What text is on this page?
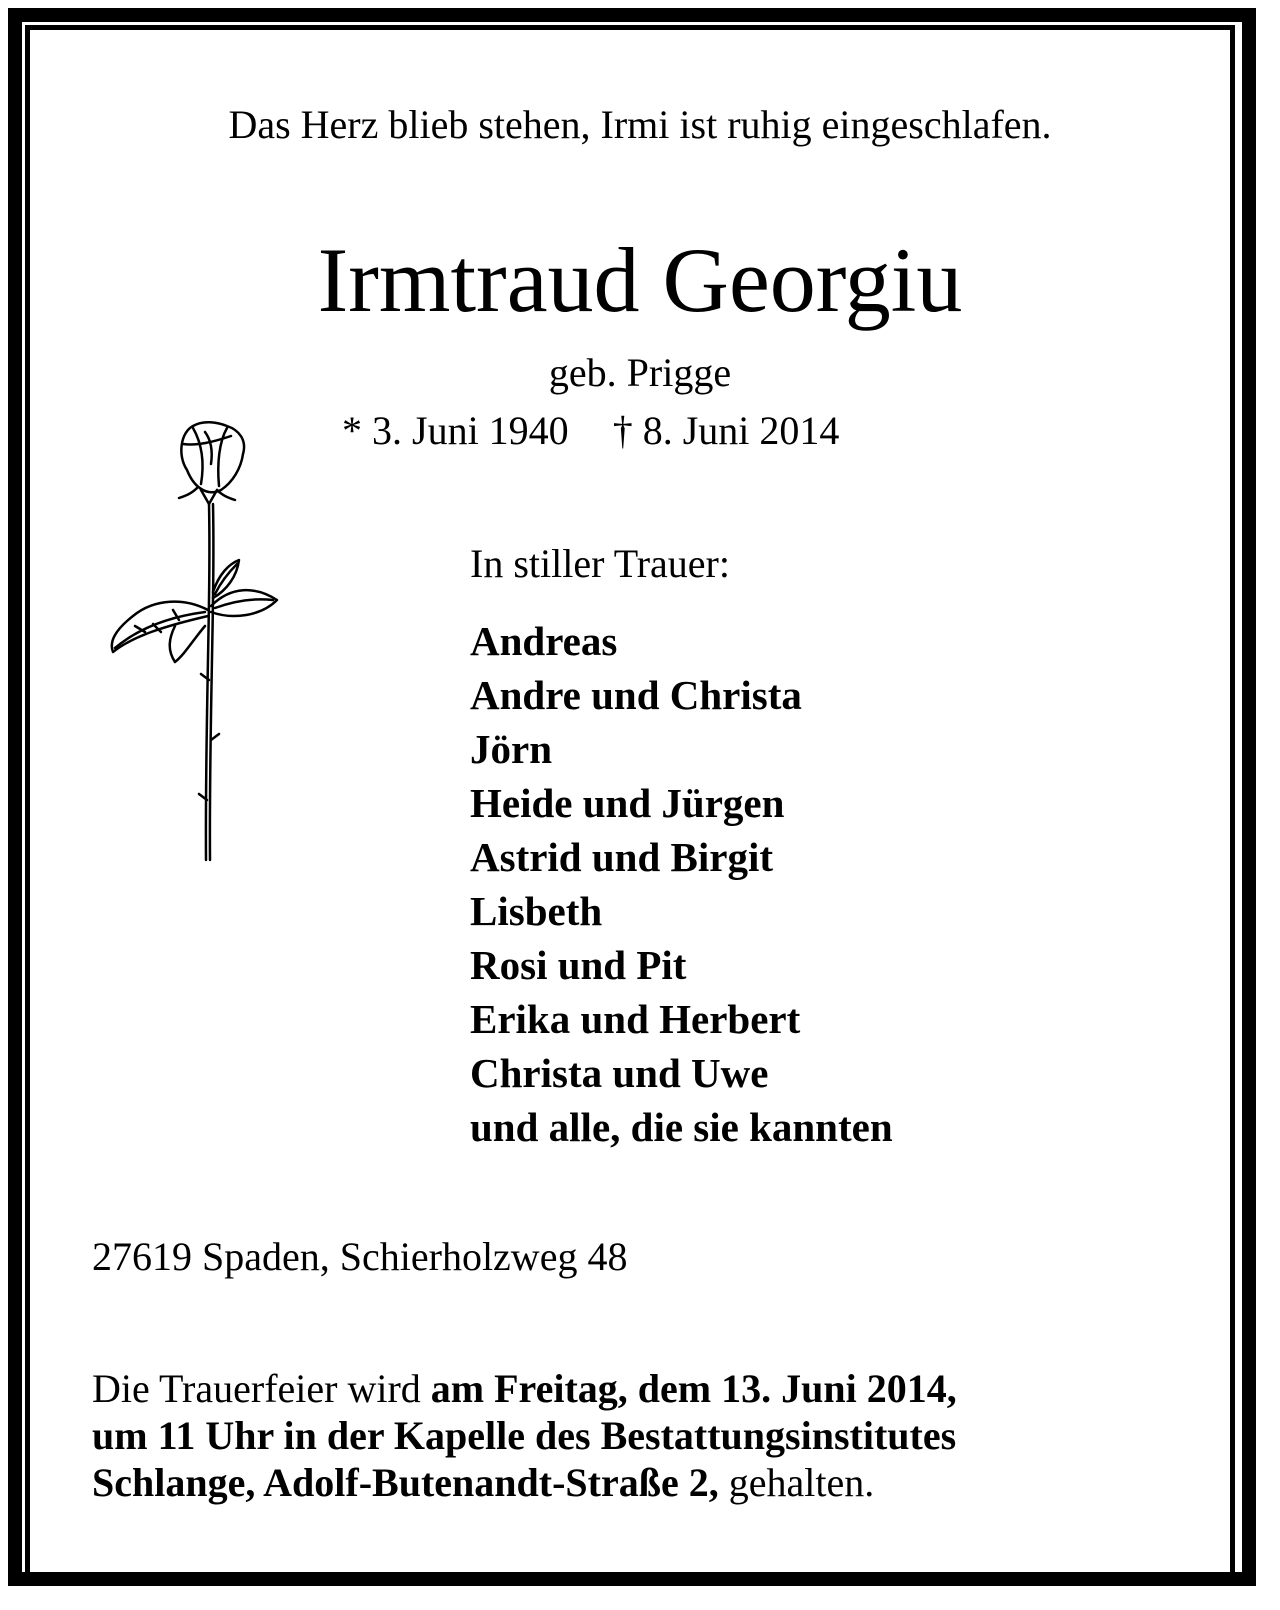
Das Herz blieb stehen, Irmi ist ruhig eingeschlafen.
Irmtraud Georgiu
geb. Prigge
* 3. Juni 1940 † 8. Juni 2014
In stiller Trauer:
Andreas
Andre und Christa
Jörn
Heide und Jürgen
Astrid und Birgit
Lisbeth
Rosi und Pit
Erika und Herbert
Christa und Uwe
und alle, die sie kannten
27619 Spaden, Schierholzweg 48
Die Trauerfeier wird am Freitag, dem 13. Juni 2014,
um 11 Uhr in der Kapelle des Bestattungsinstitutes
Schlange, Adolf-Butenandt-Straße 2, gehalten.
